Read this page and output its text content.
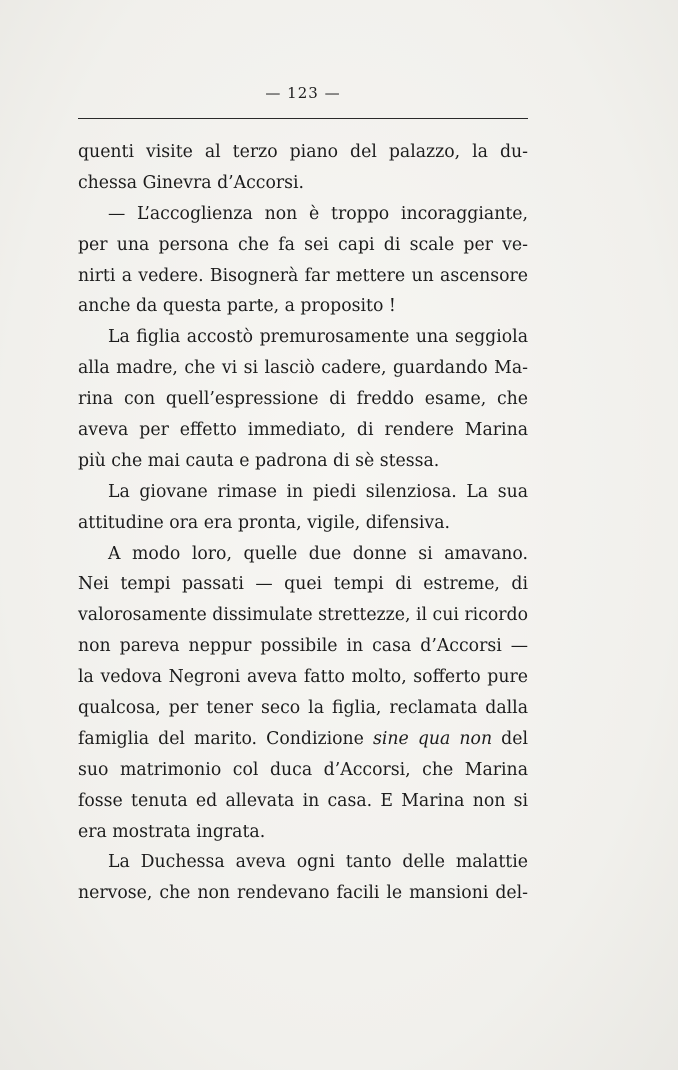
— 123 —
quenti visite al terzo piano del palazzo, la du-
chessa Ginevra d’Accorsi.
— L’accoglienza non è troppo incoraggiante,
per una persona che fa sei capi di scale per ve-
nirti a vedere. Bisognerà far mettere un ascensore
anche da questa parte, a proposito !
La figlia accostò premurosamente una seggiola
alla madre, che vi si lasciò cadere, guardando Ma-
rina con quell’espressione di freddo esame, che
aveva per effetto immediato, di rendere Marina
più che mai cauta e padrona di sè stessa.
La giovane rimase in piedi silenziosa. La sua
attitudine ora era pronta, vigile, difensiva.
A modo loro, quelle due donne si amavano.
Nei tempi passati — quei tempi di estreme, di
valorosamente dissimulate strettezze, il cui ricordo
non pareva neppur possibile in casa d’Accorsi —
la vedova Negroni aveva fatto molto, sofferto pure
qualcosa, per tener seco la figlia, reclamata dalla
famiglia del marito. Condizione sine qua non del
suo matrimonio col duca d’Accorsi, che Marina
fosse tenuta ed allevata in casa. E Marina non si
era mostrata ingrata.
La Duchessa aveva ogni tanto delle malattie
nervose, che non rendevano facili le mansioni del-
